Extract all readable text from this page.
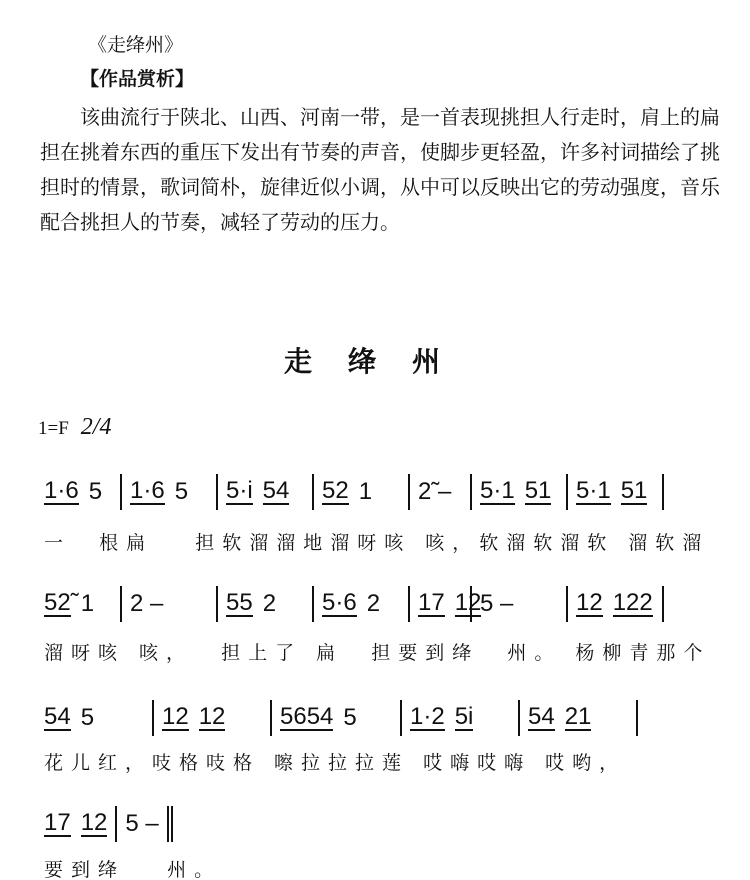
《走绛州》
【作品赏析】
该曲流行于陕北、山西、河南一带，是一首表现挑担人行走时，肩上的扁担在挑着东西的重压下发出有节奏的声音，使脚步更轻盈，许多衬词描绘了挑担时的情景，歌词简朴，旋律近似小调，从中可以反映出它的劳动强度，音乐配合挑担人的节奏，减轻了劳动的压力。
走绛州
1=F 2/4
1·6 5 1·6 5 5·i 54 52 1 2̃ – 5·1 51 5·1 51
一  根扁   担软溜溜地溜呀咳 咳，软溜软溜软 溜软溜
52̃ 1 2 –	55 2 5·6 2 17 12
5 –	12 122
溜呀咳 咳，  担上了 扁  担要到绛  州。 杨柳青那个
54 5	12 12 5654 5 1·2 5i 54 21
花儿红，吱格吱格 嚓拉拉拉莲 哎嗨哎嗨 哎哟，
17 12 5 –
要到绛   州。
